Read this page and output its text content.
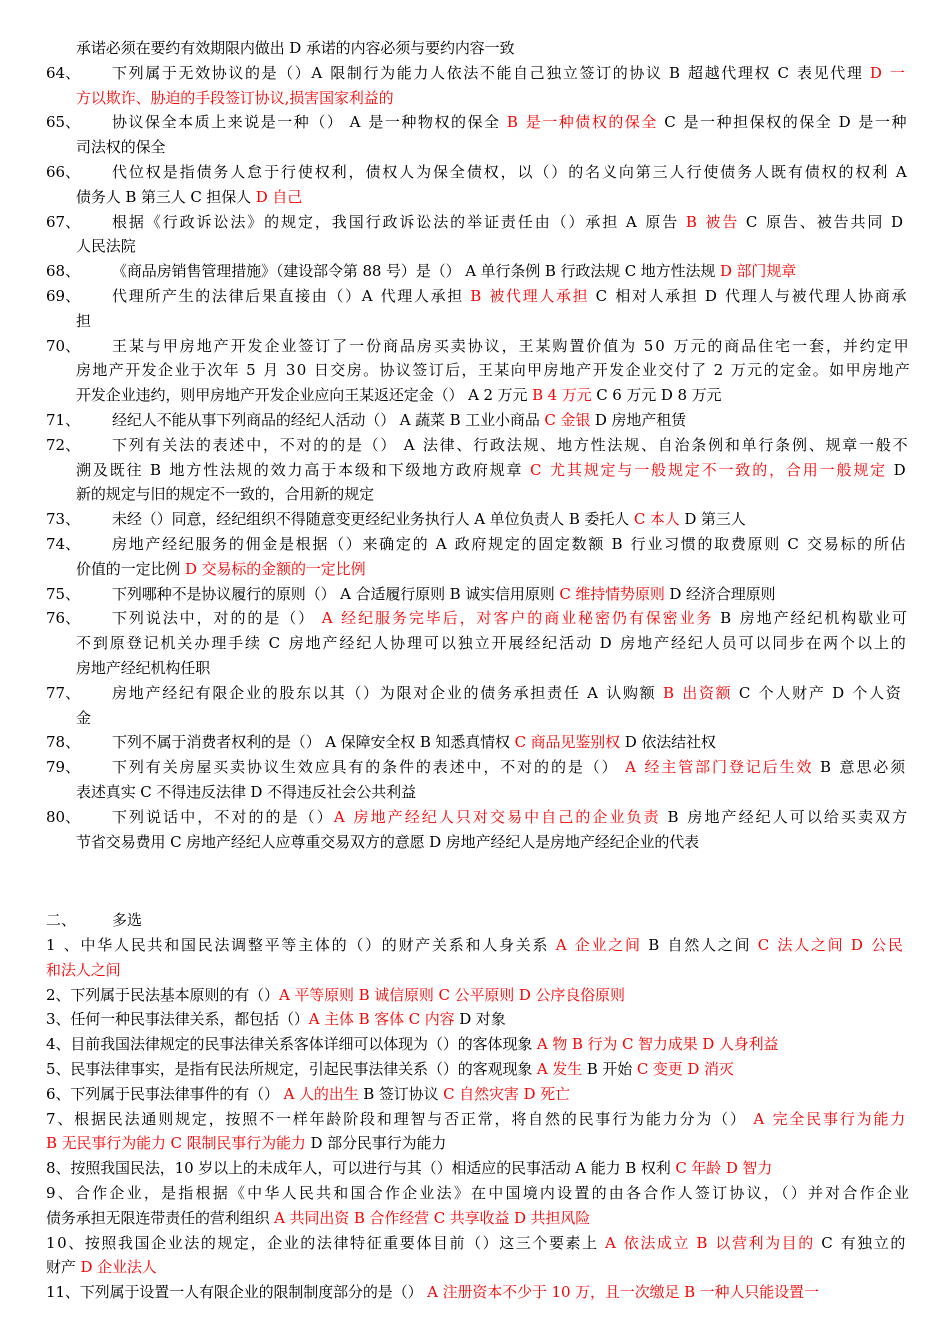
承诺必须在要约有效期限内做出 D 承诺的内容必须与要约内容一致
64、 下列属于无效协议的是（）A 限制行为能力人依法不能自己独立签订的协议 B 超越代理权 C 表见代理 D 一
方以欺诈、胁迫的手段签订协议,损害国家利益的
65、 协议保全本质上来说是一种（） A 是一种物权的保全 B 是一种债权的保全 C 是一种担保权的保全 D 是一种
司法权的保全
66、 代位权是指债务人怠于行使权利，债权人为保全债权，以（）的名义向第三人行使债务人既有债权的权利 A
债务人 B 第三人 C 担保人 D 自己
67、 根据《行政诉讼法》的规定，我国行政诉讼法的举证责任由（）承担 A 原告 B 被告 C 原告、被告共同 D
人民法院
68、 《商品房销售管理措施》（建设部令第 88 号）是（） A 单行条例 B 行政法规 C 地方性法规 D 部门规章
69、 代理所产生的法律后果直接由（）A 代理人承担 B 被代理人承担 C 相对人承担 D 代理人与被代理人协商承
担
70、 王某与甲房地产开发企业签订了一份商品房买卖协议，王某购置价值为 50 万元的商品住宅一套，并约定甲
房地产开发企业于次年 5 月 30 日交房。协议签订后，王某向甲房地产开发企业交付了 2 万元的定金。如甲房地产
开发企业违约，则甲房地产开发企业应向王某返还定金（） A 2 万元 B 4 万元 C 6 万元 D 8 万元
71、 经纪人不能从事下列商品的经纪人活动（） A 蔬菜 B 工业小商品 C 金银 D 房地产租赁
72、 下列有关法的表述中，不对的的是（） A 法律、行政法规、地方性法规、自治条例和单行条例、规章一般不
溯及既往 B 地方性法规的效力高于本级和下级地方政府规章 C 尤其规定与一般规定不一致的，合用一般规定 D
新的规定与旧的规定不一致的，合用新的规定
73、 未经（）同意，经纪组织不得随意变更经纪业务执行人 A 单位负责人 B 委托人 C 本人 D 第三人
74、 房地产经纪服务的佣金是根据（）来确定的 A 政府规定的固定数额 B 行业习惯的取费原则 C 交易标的所佔
价值的一定比例 D 交易标的金额的一定比例
75、 下列哪种不是协议履行的原则（） A 合适履行原则 B 诚实信用原则 C 维持情势原则 D 经济合理原则
76、 下列说法中，对的的是（） A 经纪服务完毕后，对客户的商业秘密仍有保密业务 B 房地产经纪机构歇业可
不到原登记机关办理手续 C 房地产经纪人协理可以独立开展经纪活动 D 房地产经纪人员可以同步在两个以上的
房地产经纪机构任职
77、 房地产经纪有限企业的股东以其（）为限对企业的债务承担责任 A 认购额 B 出资额 C 个人财产 D 个人资
金
78、 下列不属于消费者权利的是（） A 保障安全权 B 知悉真情权 C 商品见鉴别权 D 依法结社权
79、 下列有关房屋买卖协议生效应具有的条件的表述中，不对的的是（） A 经主管部门登记后生效 B 意思必须
表述真实 C 不得违反法律 D 不得违反社会公共利益
80、 下列说话中，不对的的是（）A 房地产经纪人只对交易中自己的企业负责 B 房地产经纪人可以给买卖双方
节省交易费用 C 房地产经纪人应尊重交易双方的意愿 D 房地产经纪人是房地产经纪企业的代表
二、 多选
1 、中华人民共和国民法调整平等主体的（）的财产关系和人身关系 A 企业之间 B 自然人之间 C 法人之间 D 公民
和法人之间
2、下列属于民法基本原则的有（）A 平等原则 B 诚信原则 C 公平原则 D 公序良俗原则
3、任何一种民事法律关系，都包括（）A 主体 B 客体 C 内容 D 对象
4、目前我国法律规定的民事法律关系客体详细可以体现为（）的客体现象 A 物 B 行为 C 智力成果 D 人身利益
5、民事法律事实，是指有民法所规定，引起民事法律关系（）的客观现象 A 发生 B 开始 C 变更 D 消灭
6、下列属于民事法律事件的有（） A 人的出生 B 签订协议 C 自然灾害 D 死亡
7、根据民法通则规定，按照不一样年龄阶段和理智与否正常，将自然的民事行为能力分为（） A 完全民事行为能力
B 无民事行为能力 C 限制民事行为能力 D 部分民事行为能力
8、按照我国民法，10 岁以上的未成年人，可以进行与其（）相适应的民事活动 A 能力 B 权利 C 年龄 D 智力
9、合作企业，是指根据《中华人民共和国合作企业法》在中国境内设置的由各合作人签订协议，（）并对合作企业
债务承担无限连带责任的营利组织 A 共同出资 B 合作经营 C 共享收益 D 共担风险
10、按照我国企业法的规定，企业的法律特征重要体目前（）这三个要素上 A 依法成立 B 以营利为目的 C 有独立的
财产 D 企业法人
11、下列属于设置一人有限企业的限制制度部分的是（） A 注册资本不少于 10 万，且一次缴足 B 一种人只能设置一
